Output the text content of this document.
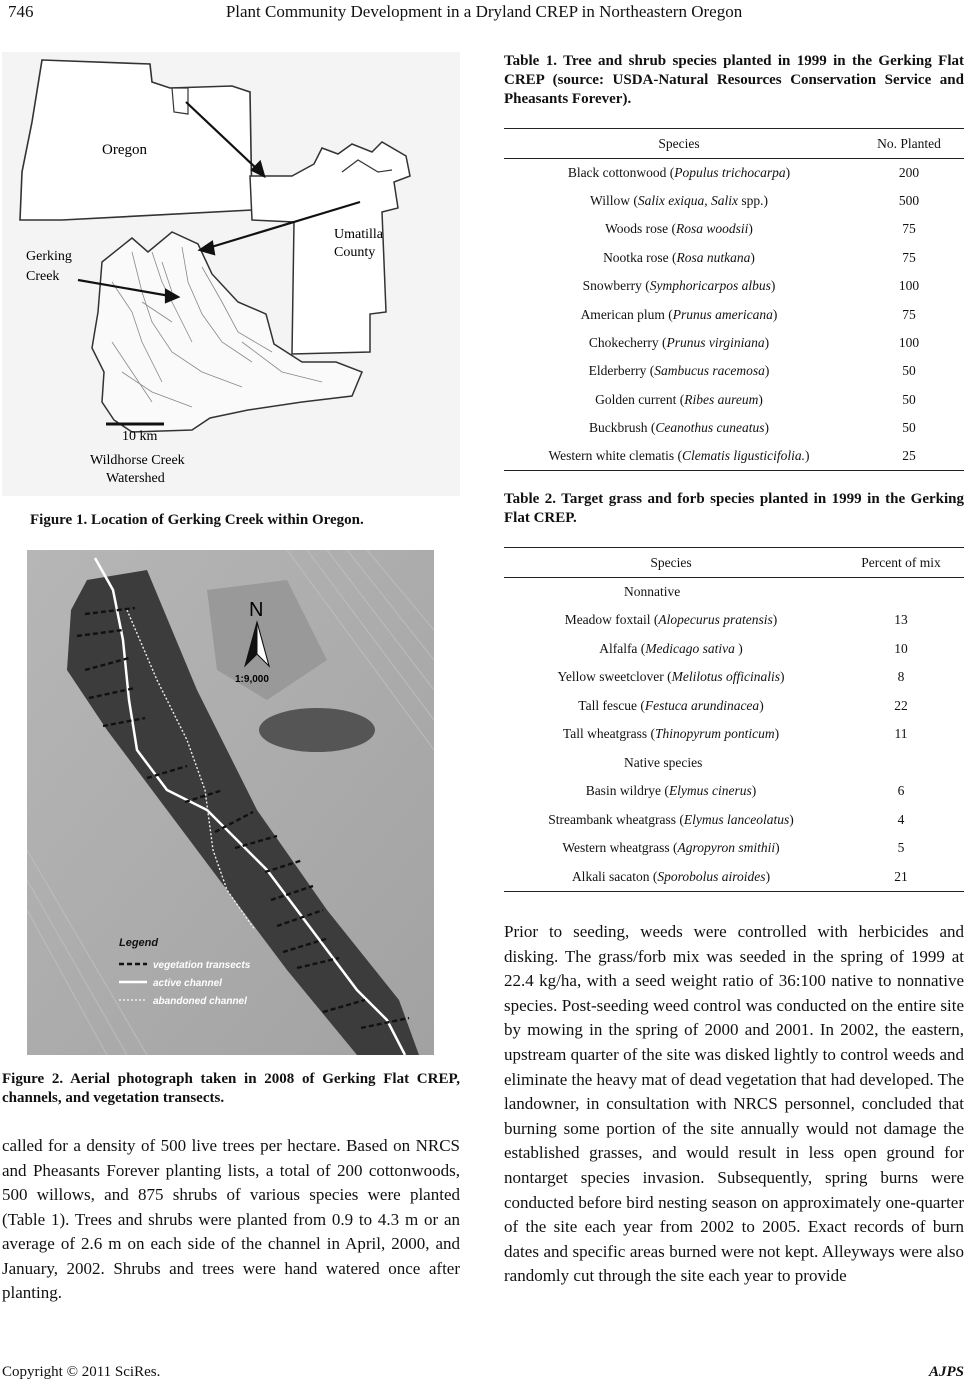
746	Plant Community Development in a Dryland CREP in Northeastern Oregon
Oregon
Umatilla
County
Gerking
Creek
10 km
Wildhorse Creek
Watershed
Figure 1. Location of Gerking Creek within Oregon.
N
1:9,000
Legend
vegetation transects
active channel
abandoned channel
Figure 2. Aerial photograph taken in 2008 of Gerking Flat CREP, channels, and vegetation transects.

called for a density of 500 live trees per hectare. Based on NRCS and Pheasants Forever planting lists, a total of 200 cottonwoods, 500 willows, and 875 shrubs of various species were planted (Table 1). Trees and shrubs were planted from 0.9 to 4.3 m or an average of 2.6 m on each side of the channel in April, 2000, and January, 2002. Shrubs and trees were hand watered once after planting.

Table 1. Tree and shrub species planted in 1999 in the Gerking Flat CREP (source: USDA-Natural Resources Conservation Service and Pheasants Forever).
Species	No. Planted
Black cottonwood (Populus trichocarpa)	200
Willow (Salix exiqua, Salix spp.)	500
Woods rose (Rosa woodsii)	75
Nootka rose (Rosa nutkana)	75
Snowberry (Symphoricarpos albus)	100
American plum (Prunus americana)	75
Chokecherry (Prunus virginiana)	100
Elderberry (Sambucus racemosa)	50
Golden current (Ribes aureum)	50
Buckbrush (Ceanothus cuneatus)	50
Western white clematis (Clematis ligusticifolia.)	25
Table 2. Target grass and forb species planted in 1999 in the Gerking Flat CREP.
Species	Percent of mix
Nonnative	
Meadow foxtail (Alopecurus pratensis)	13
Alfalfa (Medicago sativa )	10
Yellow sweetclover (Melilotus officinalis)	8
Tall fescue (Festuca arundinacea)	22
Tall wheatgrass (Thinopyrum ponticum)	11
Native species	
Basin wildrye (Elymus cinerus)	6
Streambank wheatgrass (Elymus lanceolatus)	4
Western wheatgrass (Agropyron smithii)	5
Alkali sacaton (Sporobolus airoides)	21

Prior to seeding, weeds were controlled with herbicides and disking. The grass/forb mix was seeded in the spring of 1999 at 22.4 kg/ha, with a seed weight ratio of 36:100 native to nonnative species. Post-seeding weed control was conducted on the entire site by mowing in the spring of 2000 and 2001. In 2002, the eastern, upstream quarter of the site was disked lightly to control weeds and eliminate the heavy mat of dead vegetation that had developed. The landowner, in consultation with NRCS personnel, concluded that burning some portion of the site annually would not damage the established grasses, and would result in less open ground for nontarget species invasion. Subsequently, spring burns were conducted before bird nesting season on approximately one-quarter of the site each year from 2002 to 2005. Exact records of burn dates and specific areas burned were not kept. Alleyways were also randomly cut through the site each year to provide

Copyright © 2011 SciRes.	AJPS
